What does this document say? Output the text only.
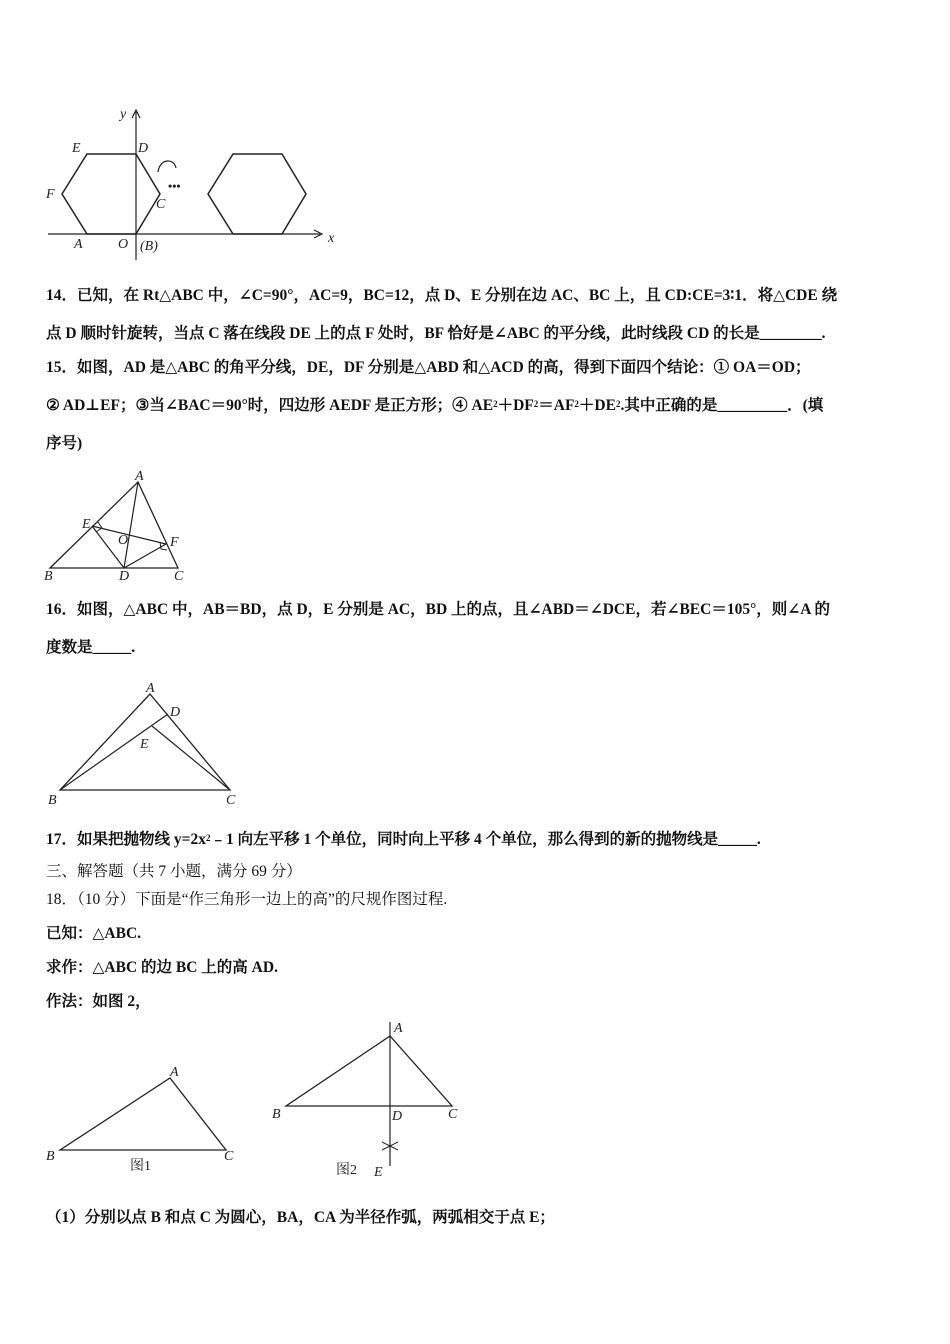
y
E	D
F
C
A	O (B)
x
•••
14．已知，在 Rt△ABC 中，∠C=90°，AC=9，BC=12，点 D、E 分别在边 AC、BC 上，且 CD:CE=3∶1．将△CDE 绕
点 D 顺时针旋转，当点 C 落在线段 DE 上的点 F 处时，BF 恰好是∠ABC 的平分线，此时线段 CD 的长是________.
15．如图，AD 是△ABC 的角平分线，DE，DF 分别是△ABD 和△ACD 的高，得到下面四个结论：① OA＝OD；
② AD⊥EF；③当∠BAC＝90°时，四边形 AEDF 是正方形；④ $AE^2+DF^2=AF^2+DE^2$.其中正确的是_________．(填
序号)
A
E
O	F
B	D	C
16．如图，△ABC 中，AB＝BD，点 D，E 分别是 AC，BD 上的点，且∠ABD＝∠DCE，若∠BEC＝105°，则∠A 的
度数是_____.
A
D
E
B	C
17．如果把抛物线 $y=2x^2﹣1$ 向左平移 1 个单位，同时向上平移 4 个单位，那么得到的新的抛物线是_____.
三、解答题（共 7 小题，满分 69 分）
18．（10 分）下面是“作三角形一边上的高”的尺规作图过程.
已知：△ABC.
求作：△ABC 的边 BC 上的高 AD.
作法：如图 2，
A
B	C
图1
A
B	D	C
图2 E
（1）分别以点 B 和点 C 为圆心，BA，CA 为半径作弧，两弧相交于点 E；
